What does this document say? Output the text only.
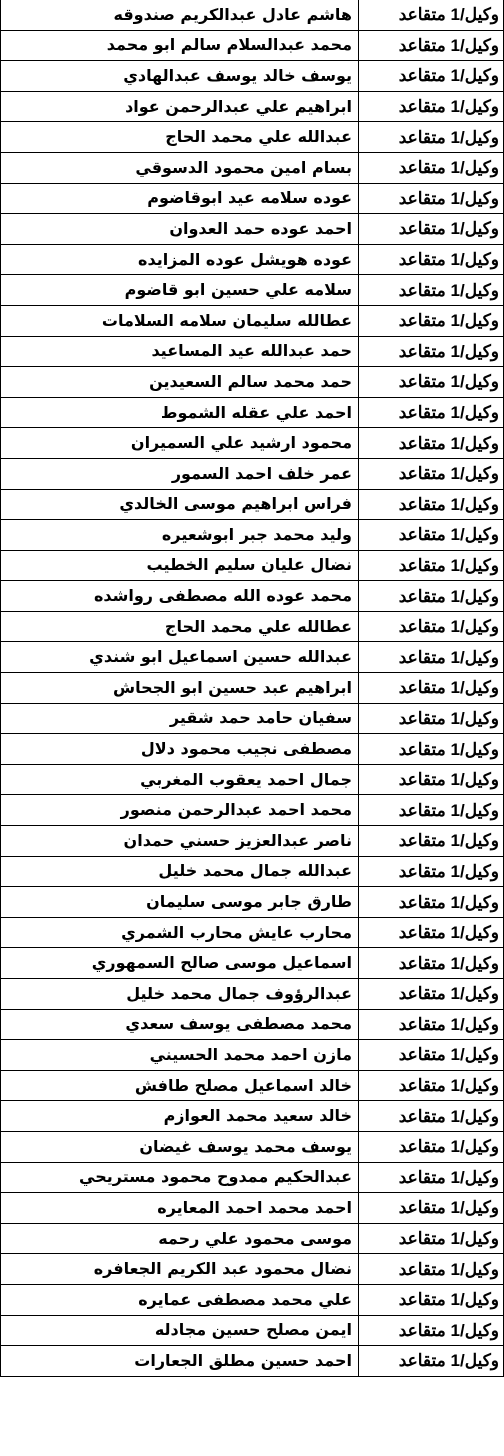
وكيل/1 متقاعد	هاشم عادل عبدالكريم صندوقه
وكيل/1 متقاعد	محمد عبدالسلام سالم ابو محمد
وكيل/1 متقاعد	يوسف خالد يوسف عبدالهادي
وكيل/1 متقاعد	ابراهيم علي عبدالرحمن عواد
وكيل/1 متقاعد	عبدالله علي محمد الحاج
وكيل/1 متقاعد	بسام امين محمود الدسوقي
وكيل/1 متقاعد	عوده سلامه عيد ابوقاضوم
وكيل/1 متقاعد	احمد عوده حمد العدوان
وكيل/1 متقاعد	عوده هويشل عوده المزايده
وكيل/1 متقاعد	سلامه علي حسين ابو قاضوم
وكيل/1 متقاعد	عطالله سليمان سلامه السلامات
وكيل/1 متقاعد	حمد عبدالله عيد المساعيد
وكيل/1 متقاعد	حمد محمد سالم السعيدين
وكيل/1 متقاعد	احمد علي عقله الشموط
وكيل/1 متقاعد	محمود ارشيد علي السميران
وكيل/1 متقاعد	عمر خلف احمد السمور
وكيل/1 متقاعد	فراس ابراهيم موسى الخالدي
وكيل/1 متقاعد	وليد محمد جبر ابوشعيره
وكيل/1 متقاعد	نضال عليان سليم الخطيب
وكيل/1 متقاعد	محمد عوده الله مصطفى رواشده
وكيل/1 متقاعد	عطالله علي محمد الحاج
وكيل/1 متقاعد	عبدالله حسين اسماعيل ابو شندي
وكيل/1 متقاعد	ابراهيم عبد حسين ابو الجحاش
وكيل/1 متقاعد	سفيان حامد حمد شقير
وكيل/1 متقاعد	مصطفى نجيب محمود دلال
وكيل/1 متقاعد	جمال احمد يعقوب المغربي
وكيل/1 متقاعد	محمد احمد عبدالرحمن منصور
وكيل/1 متقاعد	ناصر عبدالعزيز حسني حمدان
وكيل/1 متقاعد	عبدالله جمال محمد خليل
وكيل/1 متقاعد	طارق جابر موسى سليمان
وكيل/1 متقاعد	محارب عايش محارب الشمري
وكيل/1 متقاعد	اسماعيل موسى صالح السمهوري
وكيل/1 متقاعد	عبدالرؤوف جمال محمد خليل
وكيل/1 متقاعد	محمد مصطفى يوسف سعدي
وكيل/1 متقاعد	مازن احمد محمد الحسيني
وكيل/1 متقاعد	خالد اسماعيل مصلح طافش
وكيل/1 متقاعد	خالد سعيد محمد العوازم
وكيل/1 متقاعد	يوسف محمد يوسف غيضان
وكيل/1 متقاعد	عبدالحكيم ممدوح محمود مستريحي
وكيل/1 متقاعد	احمد محمد احمد المعايره
وكيل/1 متقاعد	موسى محمود علي رحمه
وكيل/1 متقاعد	نضال محمود عبد الكريم الجعافره
وكيل/1 متقاعد	علي محمد مصطفى عمايره
وكيل/1 متقاعد	ايمن مصلح حسين مجادله
وكيل/1 متقاعد	احمد حسين مطلق الجعارات
